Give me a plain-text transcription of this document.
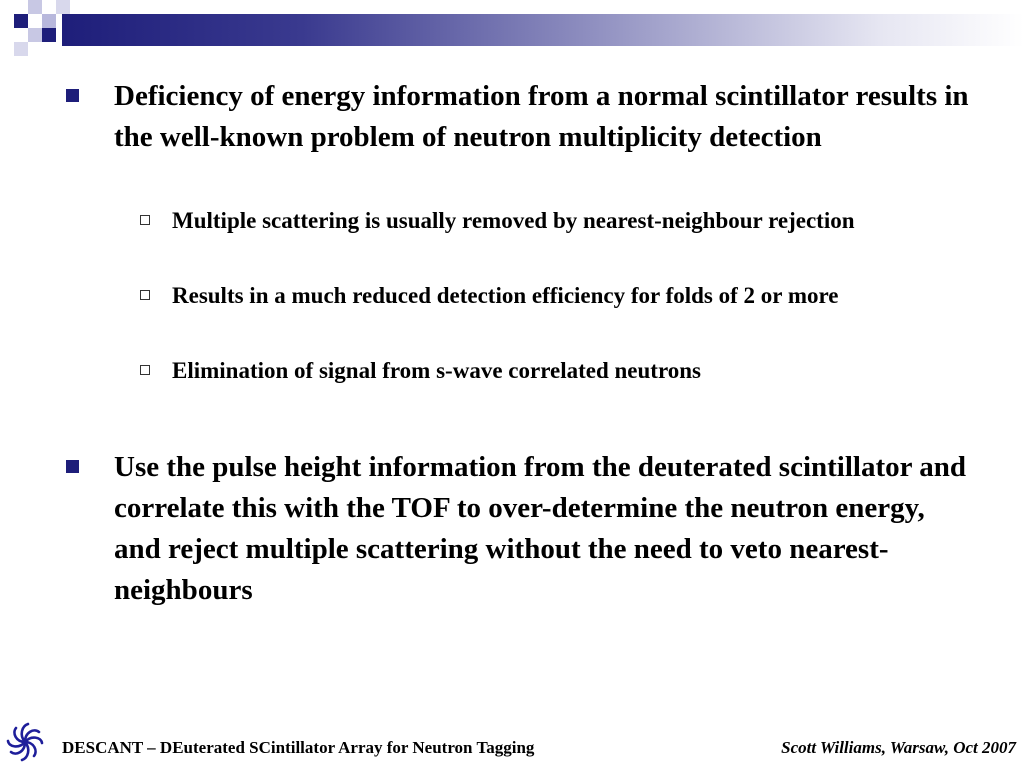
Deficiency of energy information from a normal scintillator results in the well-known problem of neutron multiplicity detection
Multiple scattering is usually removed by nearest-neighbour rejection
Results in a much reduced detection efficiency for folds of 2 or more
Elimination of signal from s-wave correlated neutrons
Use the pulse height information from the deuterated scintillator and correlate this with the TOF to over-determine the neutron energy, and reject multiple scattering without the need to veto nearest-neighbours
DESCANT – DEuterated SCintillator Array for Neutron Tagging	Scott Williams, Warsaw, Oct 2007
